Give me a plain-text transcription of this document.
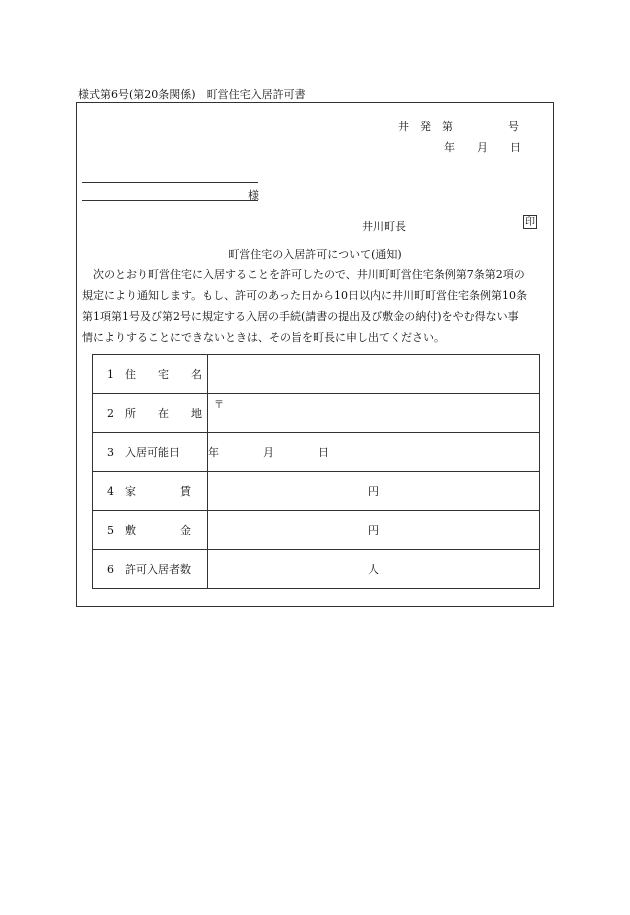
様式第6号(第20条関係)　町営住宅入居許可書
井　発　第　　　　　号
年　　月　　日
様
井川町長	印
町営住宅の入居許可について(通知)
　次のとおり町営住宅に入居することを許可したので、井川町町営住宅条例第7条第2項の
規定により通知します。もし、許可のあった日から10日以内に井川町町営住宅条例第10条
第1項第1号及び第2号に規定する入居の手続(請書の提出及び敷金の納付)をやむ得ない事
情によりすることにできないときは、その旨を町長に申し出てください。
1　住　　宅　　名	
2　所　　在　　地	〒

3　入居可能日	年　　　　月　　　　日
4　家　　　　賃	円
5　敷　　　　金	円
6　許可入居者数	人
